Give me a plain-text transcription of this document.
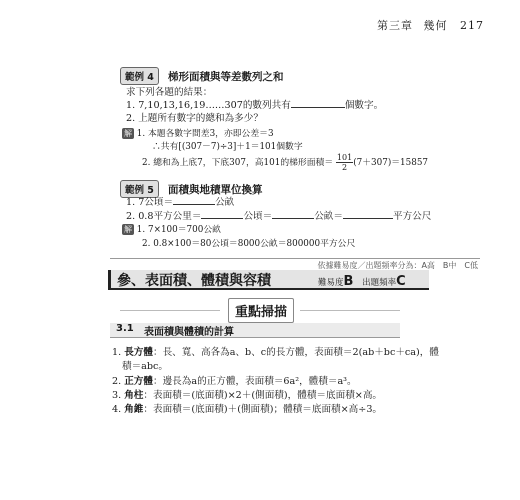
第三章 幾何 217
範例 4 梯形面積與等差數列之和
求下列各題的結果：
1. 7,10,13,16,19……307的數列共有	個數字。
2. 上題所有數字的總和為多少？
解 1. 本題各數字間差3，亦即公差＝3
∴共有[(307－7)÷3]＋1＝101個數字
2. 總和為上底7，下底307，高101的梯形面積＝ $\frac{101}{2} (7+307)=15857$
範例 5 面積與地積單位換算
1. 7公頃＝	公畝
2. 0.8平方公里＝	公頃＝	公畝＝	平方公尺
解 1. 7×100＝700公畝
2. 0.8×100＝80公頃＝8000公畝＝800000平方公尺
依據難易度／出題頻率分為：A高　B中　C低
參、表面積、體積與容積	難易度B 出題頻率C
重點掃描
3.1 表面積與體積的計算
1. 長方體：長、寬、高各為a、b、c的長方體，表面積＝2(ab＋bc＋ca)，體
積＝abc。
2. 正方體：邊長為a的正方體，表面積＝6a²，體積＝a³。
3. 角柱：表面積＝(底面積)×2＋(側面積)，體積＝底面積×高。
4. 角錐：表面積＝(底面積)＋(側面積)；體積＝底面積×高÷3。
